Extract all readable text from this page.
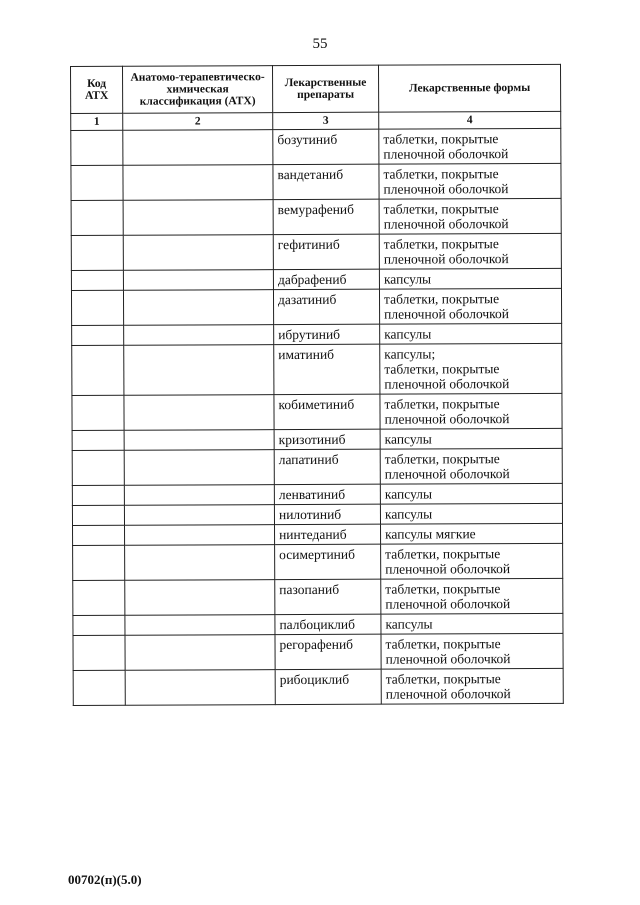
55
Код АТХ	Анатомо-терапевтическо-химическая классификация (АТХ)	Лекарственные препараты	Лекарственные формы
1	2	3	4
		бозутиниб	таблетки, покрытые пленочной оболочкой

		вандетаниб	таблетки, покрытые пленочной оболочкой

		вемурафениб	таблетки, покрытые пленочной оболочкой

		гефитиниб	таблетки, покрытые пленочной оболочкой

		дабрафениб	капсулы

		дазатиниб	таблетки, покрытые пленочной оболочкой

		ибрутиниб	капсулы

		иматиниб	капсулы;
таблетки, покрытые пленочной оболочкой

		кобиметиниб	таблетки, покрытые пленочной оболочкой

		кризотиниб	капсулы

		лапатиниб	таблетки, покрытые пленочной оболочкой

		ленватиниб	капсулы

		нилотиниб	капсулы

		нинтеданиб	капсулы мягкие

		осимертиниб	таблетки, покрытые пленочной оболочкой

		пазопаниб	таблетки, покрытые пленочной оболочкой

		палбоциклиб	капсулы

		регорафениб	таблетки, покрытые пленочной оболочкой

		рибоциклиб	таблетки, покрытые пленочной оболочкой
00702(п)(5.0)
